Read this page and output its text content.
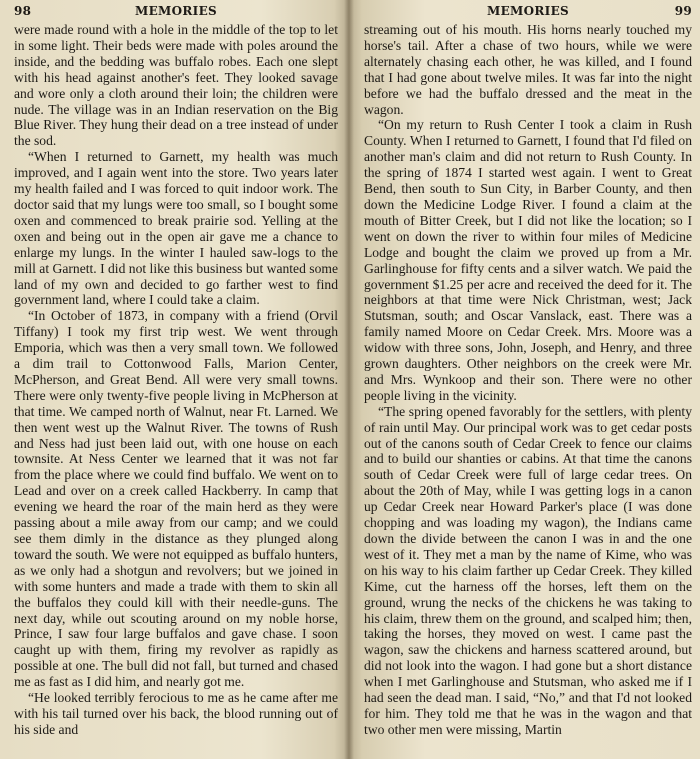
98	MEMORIES

were made round with a hole in the middle of the top to let in some light. Their beds were made with poles around the inside, and the bedding was buffalo robes. Each one slept with his head against another's feet. They looked savage and wore only a cloth around their loin; the children were nude. The village was in an Indian reservation on the Big Blue River. They hung their dead on a tree instead of under the sod.

“When I returned to Garnett, my health was much improved, and I again went into the store. Two years later my health failed and I was forced to quit indoor work. The doctor said that my lungs were too small, so I bought some oxen and commenced to break prairie sod. Yelling at the oxen and being out in the open air gave me a chance to enlarge my lungs. In the winter I hauled saw-logs to the mill at Garnett. I did not like this business but wanted some land of my own and decided to go farther west to find government land, where I could take a claim.

“In October of 1873, in company with a friend (Orvil Tiffany) I took my first trip west. We went through Emporia, which was then a very small town. We followed a dim trail to Cottonwood Falls, Marion Center, McPherson, and Great Bend. All were very small towns. There were only twenty-five people living in McPherson at that time. We camped north of Walnut, near Ft. Larned. We then went west up the Walnut River. The towns of Rush and Ness had just been laid out, with one house on each townsite. At Ness Center we learned that it was not far from the place where we could find buffalo. We went on to Lead and over on a creek called Hackberry. In camp that evening we heard the roar of the main herd as they were passing about a mile away from our camp; and we could see them dimly in the distance as they plunged along toward the south. We were not equipped as buffalo hunters, as we only had a shotgun and revolvers; but we joined in with some hunters and made a trade with them to skin all the buffalos they could kill with their needle-guns. The next day, while out scouting around on my noble horse, Prince, I saw four large buffalos and gave chase. I soon caught up with them, firing my revolver as rapidly as possible at one. The bull did not fall, but turned and chased me as fast as I did him, and nearly got me.

“He looked terribly ferocious to me as he came after me with his tail turned over his back, the blood running out of his side and

MEMORIES	99

streaming out of his mouth. His horns nearly touched my horse's tail. After a chase of two hours, while we were alternately chasing each other, he was killed, and I found that I had gone about twelve miles. It was far into the night before we had the buffalo dressed and the meat in the wagon.

“On my return to Rush Center I took a claim in Rush County. When I returned to Garnett, I found that I'd filed on another man's claim and did not return to Rush County. In the spring of 1874 I started west again. I went to Great Bend, then south to Sun City, in Barber County, and then down the Medicine Lodge River. I found a claim at the mouth of Bitter Creek, but I did not like the location; so I went on down the river to within four miles of Medicine Lodge and bought the claim we proved up from a Mr. Garlinghouse for fifty cents and a silver watch. We paid the government $1.25 per acre and received the deed for it. The neighbors at that time were Nick Christman, west; Jack Stutsman, south; and Oscar Vanslack, east. There was a family named Moore on Cedar Creek. Mrs. Moore was a widow with three sons, John, Joseph, and Henry, and three grown daughters. Other neighbors on the creek were Mr. and Mrs. Wynkoop and their son. There were no other people living in the vicinity.

“The spring opened favorably for the settlers, with plenty of rain until May. Our principal work was to get cedar posts out of the canons south of Cedar Creek to fence our claims and to build our shanties or cabins. At that time the canons south of Cedar Creek were full of large cedar trees. On about the 20th of May, while I was getting logs in a canon up Cedar Creek near Howard Parker's place (I was done chopping and was loading my wagon), the Indians came down the divide between the canon I was in and the one west of it. They met a man by the name of Kime, who was on his way to his claim farther up Cedar Creek. They killed Kime, cut the harness off the horses, left them on the ground, wrung the necks of the chickens he was taking to his claim, threw them on the ground, and scalped him; then, taking the horses, they moved on west. I came past the wagon, saw the chickens and harness scattered around, but did not look into the wagon. I had gone but a short distance when I met Garlinghouse and Stutsman, who asked me if I had seen the dead man. I said, “No,” and that I'd not looked for him. They told me that he was in the wagon and that two other men were missing, Martin
